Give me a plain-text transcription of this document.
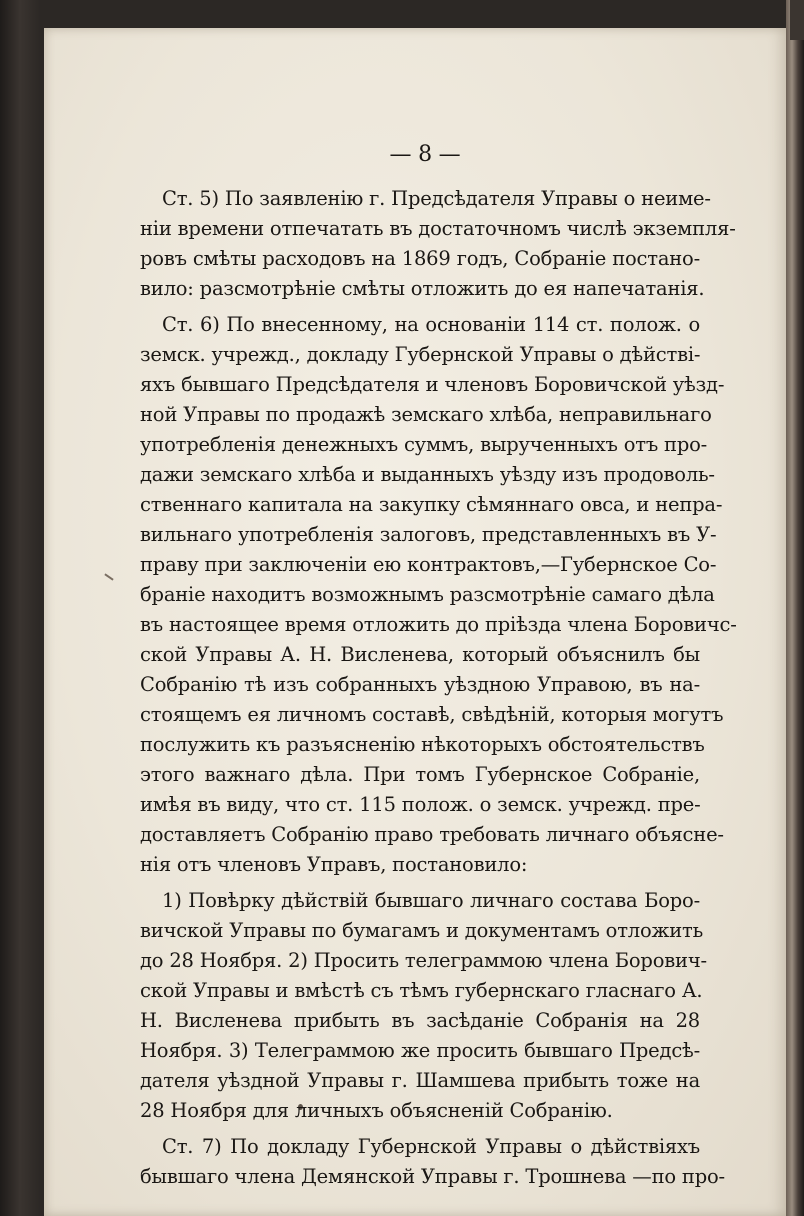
— 8 —
Ст. 5) По заявленію г. Предсѣдателя Управы о неиме-
ніи времени отпечатать въ достаточномъ числѣ экземпля-
ровъ смѣты расходовъ на 1869 годъ, Собраніе постано-
вило: разсмотрѣніе смѣты отложить до ея напечатанія.
Ст. 6) По внесенному, на основаніи 114 ст. полож. о
земск. учрежд., докладу Губернской Управы о дѣйствi-
яхъ бывшаго Предсѣдателя и членовъ Боровичской уѣзд-
ной Управы по продажѣ земскаго хлѣба, неправильнаго
употребленія денежныхъ суммъ, вырученныхъ отъ про-
дажи земскаго хлѣба и выданныхъ уѣзду изъ продоволь-
ственнаго капитала на закупку сѣмяннаго овса, и непра-
вильнаго употребленія залоговъ, представленныхъ въ У-
праву при заключеніи ею контрактовъ,—Губернское Со-
браніе находитъ возможнымъ разсмотрѣніе самаго дѣла
въ настоящее время отложить до пріѣзда члена Боровичс-
ской Управы А. Н. Висленева, который объяснилъ бы
Собранію тѣ изъ собранныхъ уѣздною Управою, въ на-
стоящемъ ея личномъ составѣ, свѣдѣній, которыя могутъ
послужить къ разъясненію нѣкоторыхъ обстоятельствъ
этого важнаго дѣла. При томъ Губернское Собраніе,
имѣя въ виду, что ст. 115 полож. о земск. учрежд. пре-
доставляетъ Собранію право требовать личнаго объясне-
нія отъ членовъ Управъ, постановило:
1) Повѣрку дѣйствій бывшаго личнаго состава Боро-
вичской Управы по бумагамъ и документамъ отложить
до 28 Ноября. 2) Просить телеграммою члена Борович-
ской Управы и вмѣстѣ съ тѣмъ губернскаго гласнаго А.
Н. Висленева прибыть въ засѣданіе Собранія на 28
Ноября. 3) Телеграммою же просить бывшаго Предсѣ-
дателя уѣздной Управы г. Шамшева прибыть тоже на
28 Ноября для личныхъ объясненій Собранію.
Ст. 7) По докладу Губернской Управы о дѣйствіяхъ
бывшаго члена Демянской Управы г. Трошнева —по про-
